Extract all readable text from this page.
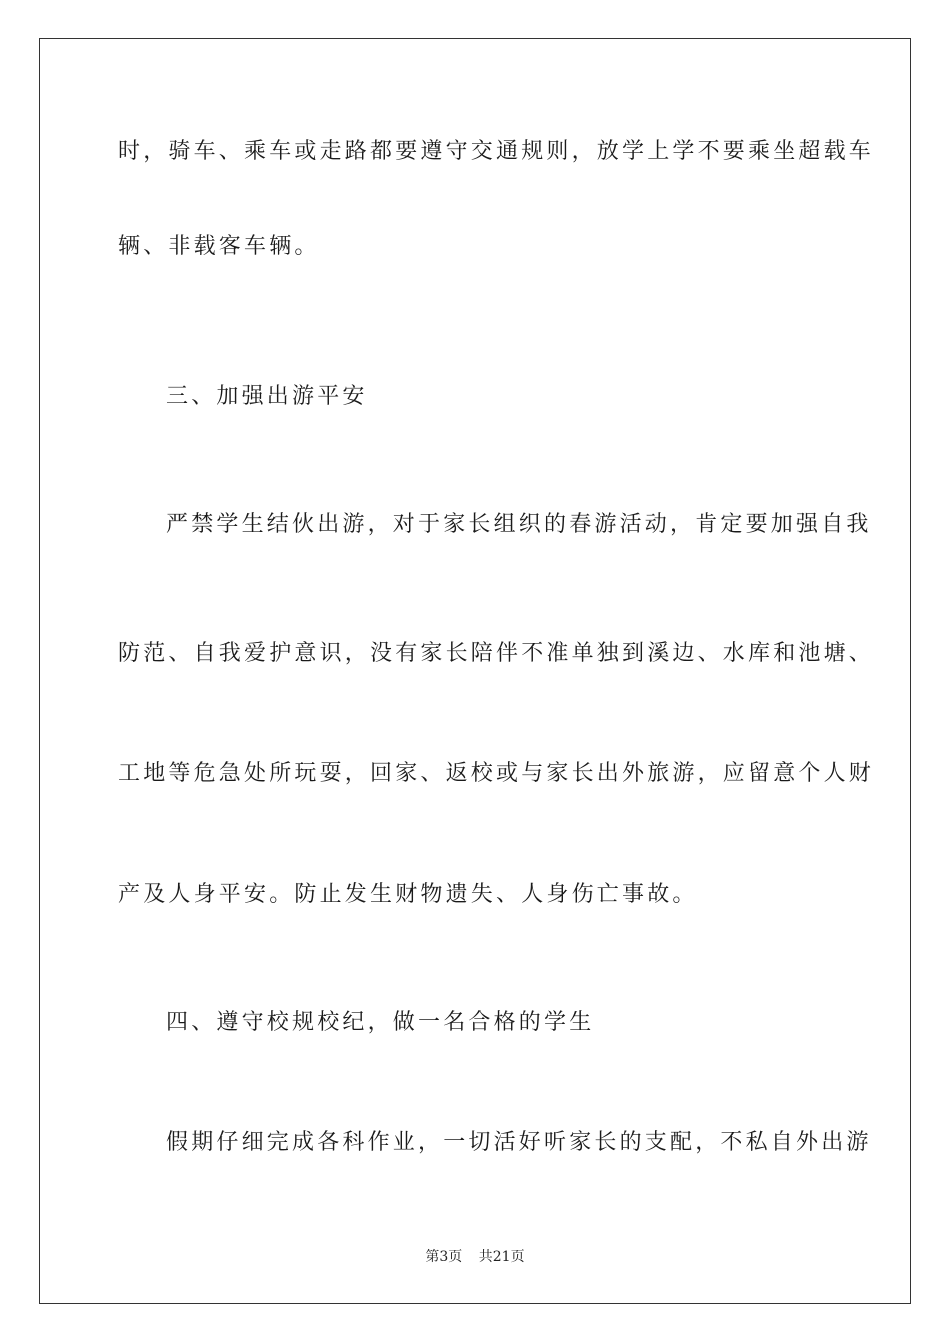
时，骑车、乘车或走路都要遵守交通规则，放学上学不要乘坐超载车
辆、非载客车辆。
三、加强出游平安
严禁学生结伙出游，对于家长组织的春游活动，肯定要加强自我
防范、自我爱护意识，没有家长陪伴不准单独到溪边、水库和池塘、
工地等危急处所玩耍，回家、返校或与家长出外旅游，应留意个人财
产及人身平安。防止发生财物遗失、人身伤亡事故。
四、遵守校规校纪，做一名合格的学生
假期仔细完成各科作业，一切活好听家长的支配，不私自外出游
第3页 共21页
